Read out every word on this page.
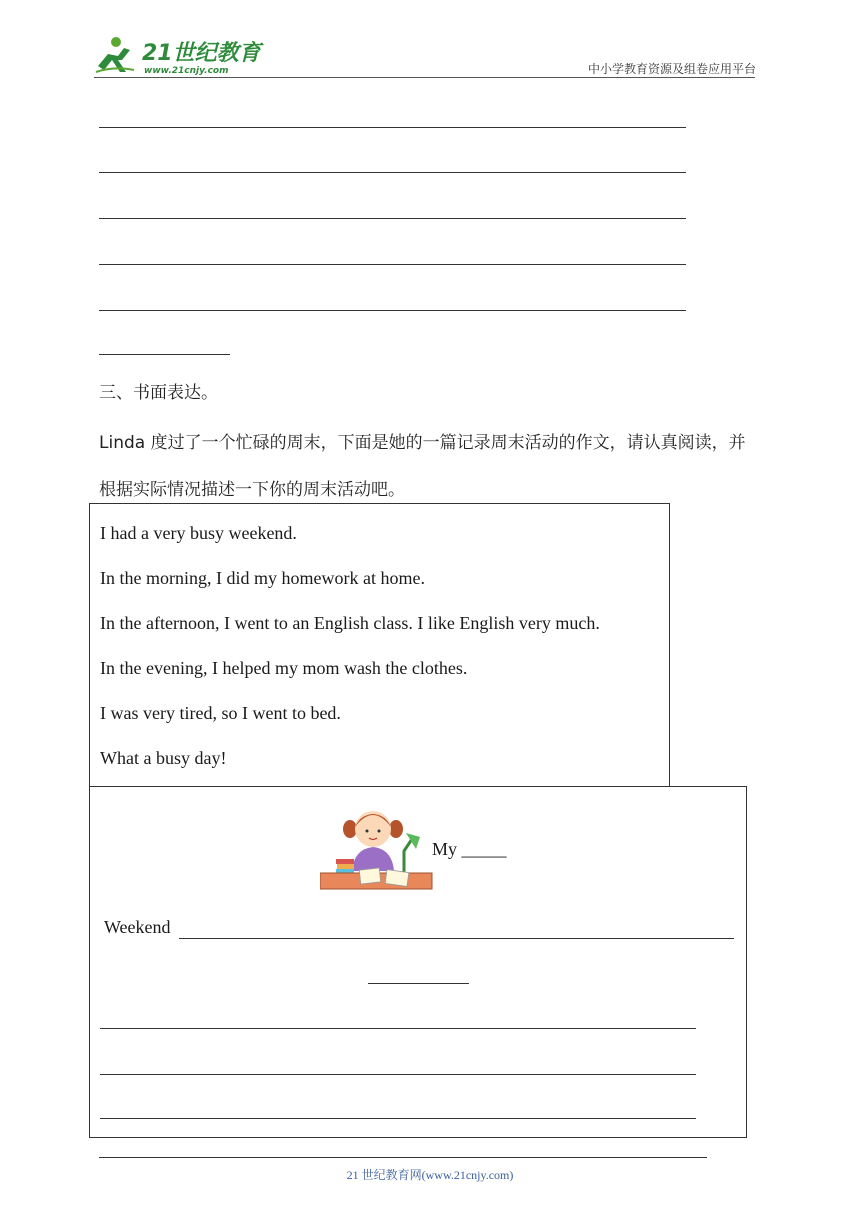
21世纪教育
www.21cnjy.com	中小学教育资源及组卷应用平台
三、书面表达。
Linda 度过了一个忙碌的周末，下面是她的一篇记录周末活动的作文，请认真阅读，并根据实际情况描述一下你的周末活动吧。
I had a very busy weekend.
In the morning, I did my homework at home.
In the afternoon, I went to an English class. I like English very much.
In the evening, I helped my mom wash the clothes.
I was very tired, so I went to bed.
What a busy day!
My _____
Weekend
21 世纪教育网(www.21cnjy.com)
